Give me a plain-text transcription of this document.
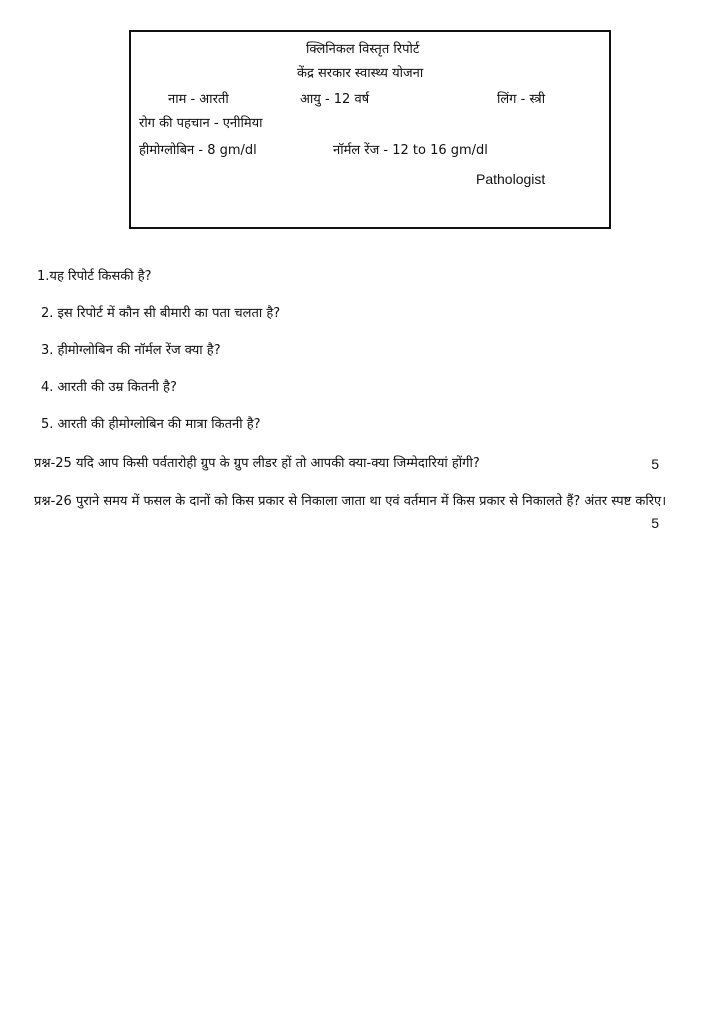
क्लिनिकल विस्तृत रिपोर्ट
केंद्र सरकार स्वास्थ्य योजना
नाम - आरती	आयु - 12 वर्ष	लिंग - स्त्री
रोग की पहचान - एनीमिया
हीमोग्लोबिन - 8 gm/dl	नॉर्मल रेंज - 12 to 16 gm/dl
Pathologist
1.यह रिपोर्ट किसकी है?
2. इस रिपोर्ट में कौन सी बीमारी का पता चलता है?
3. हीमोग्लोबिन की नॉर्मल रेंज क्या है?
4. आरती की उम्र कितनी है?
5. आरती की हीमोग्लोबिन की मात्रा कितनी है?
प्रश्न-25 यदि आप किसी पर्वतारोही ग्रुप के ग्रुप लीडर हों तो आपकी क्या-क्या जिम्मेदारियां होंगी?	5
प्रश्न-26 पुराने समय में फसल के दानों को किस प्रकार से निकाला जाता था एवं वर्तमान में किस प्रकार से निकालते हैं? अंतर स्पष्ट करिए।
5
